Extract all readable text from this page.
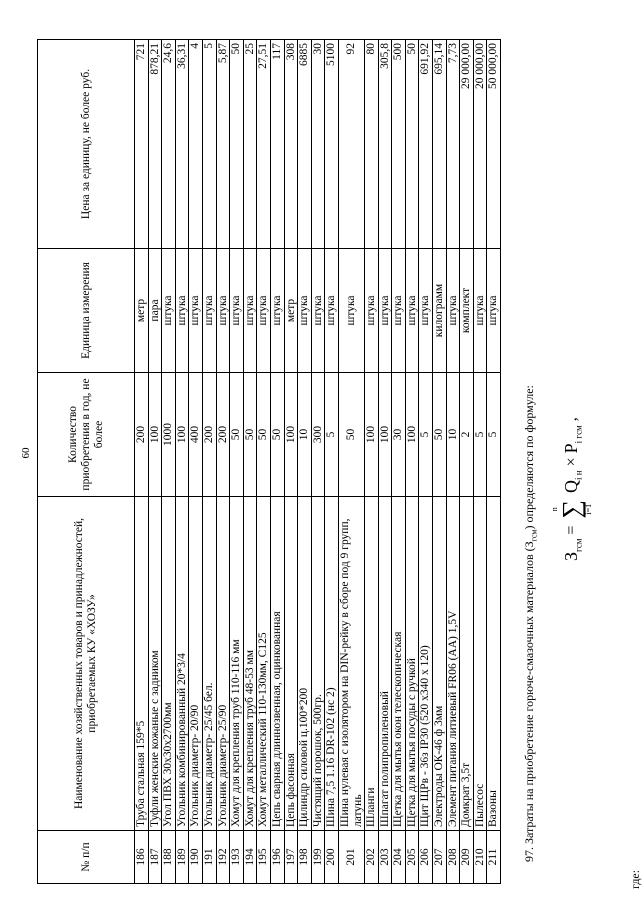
60
№ п/п	Наименование хозяйственных товаров и принадлежностей, приобретаемых КУ «ХОЗУ»	Количество приобретения в год, не более	Единица измерения	Цена за единицу, не более руб.
186	Труба стальная 159*5	200	метр	721
187	Туфли женские кожаные с задником	100	пара	878,21
188	Угол ПВХ 30х30х2700мм	1000	штука	24,6
189	Угольник комбинированный 20*3/4	100	штука	36,31
190	Угольник диаметр- 20/90	400	штука	4
191	Угольник диаметр- 25/45 бел.	200	штука	5
192	Угольник диаметр- 25/90	200	штука	5,87
193	Хомут для крепления труб 110-116 мм	50	штука	50
194	Хомут для крепления труб 48-53 мм	50	штука	25
195	Хомут металлический 110-130мм, С125	50	штука	27,51
196	Цепь сварная длиннозвенная, оцинкованная	50	штука	117
197	Цепь фасонная	100	метр	308
198	Цилиндр силовой ц.100*200	10	штука	6885
199	Чистящий порошок, 500гр.	300	штука	30
200	Шина 7,5 1.16 DR-102 (нс 2)	5	штука	5100
201	Шина нулевая с изолятором на DIN-рейку в сборе под 9 групп, латунь	50	штука	92
202	Шланги	100	штука	80
203	Шпагат полипропиленовый	100	штука	305,8
204	Щетка для мытья окон телескопическая	30	штука	500
205	Щетка для мытья посуды с ручкой	100	штука	50
206	Щит ЩРв - 36з IP30 (520 х340 х 120)	5	штука	691,92
207	Электроды ОК-46 ф 3мм	50	килограмм	695,14
208	Элемент питания литиевый FR06 (АА) 1,5V	10	штука	7,73
209	Домкрат 3,5т	2	комплект	29 000,00
210	Пылесос	5	штука	20 000,00
211	Вазоны	5	штука	50 000,00
97. Затраты на приобретение горюче-смазочных материалов $(З_{гсм})$ определяются по формуле:
$З_{гсм}$
=
n
∑
i=1
$Q_{i н}$
×
$P_{i гсм}$
,
где:
